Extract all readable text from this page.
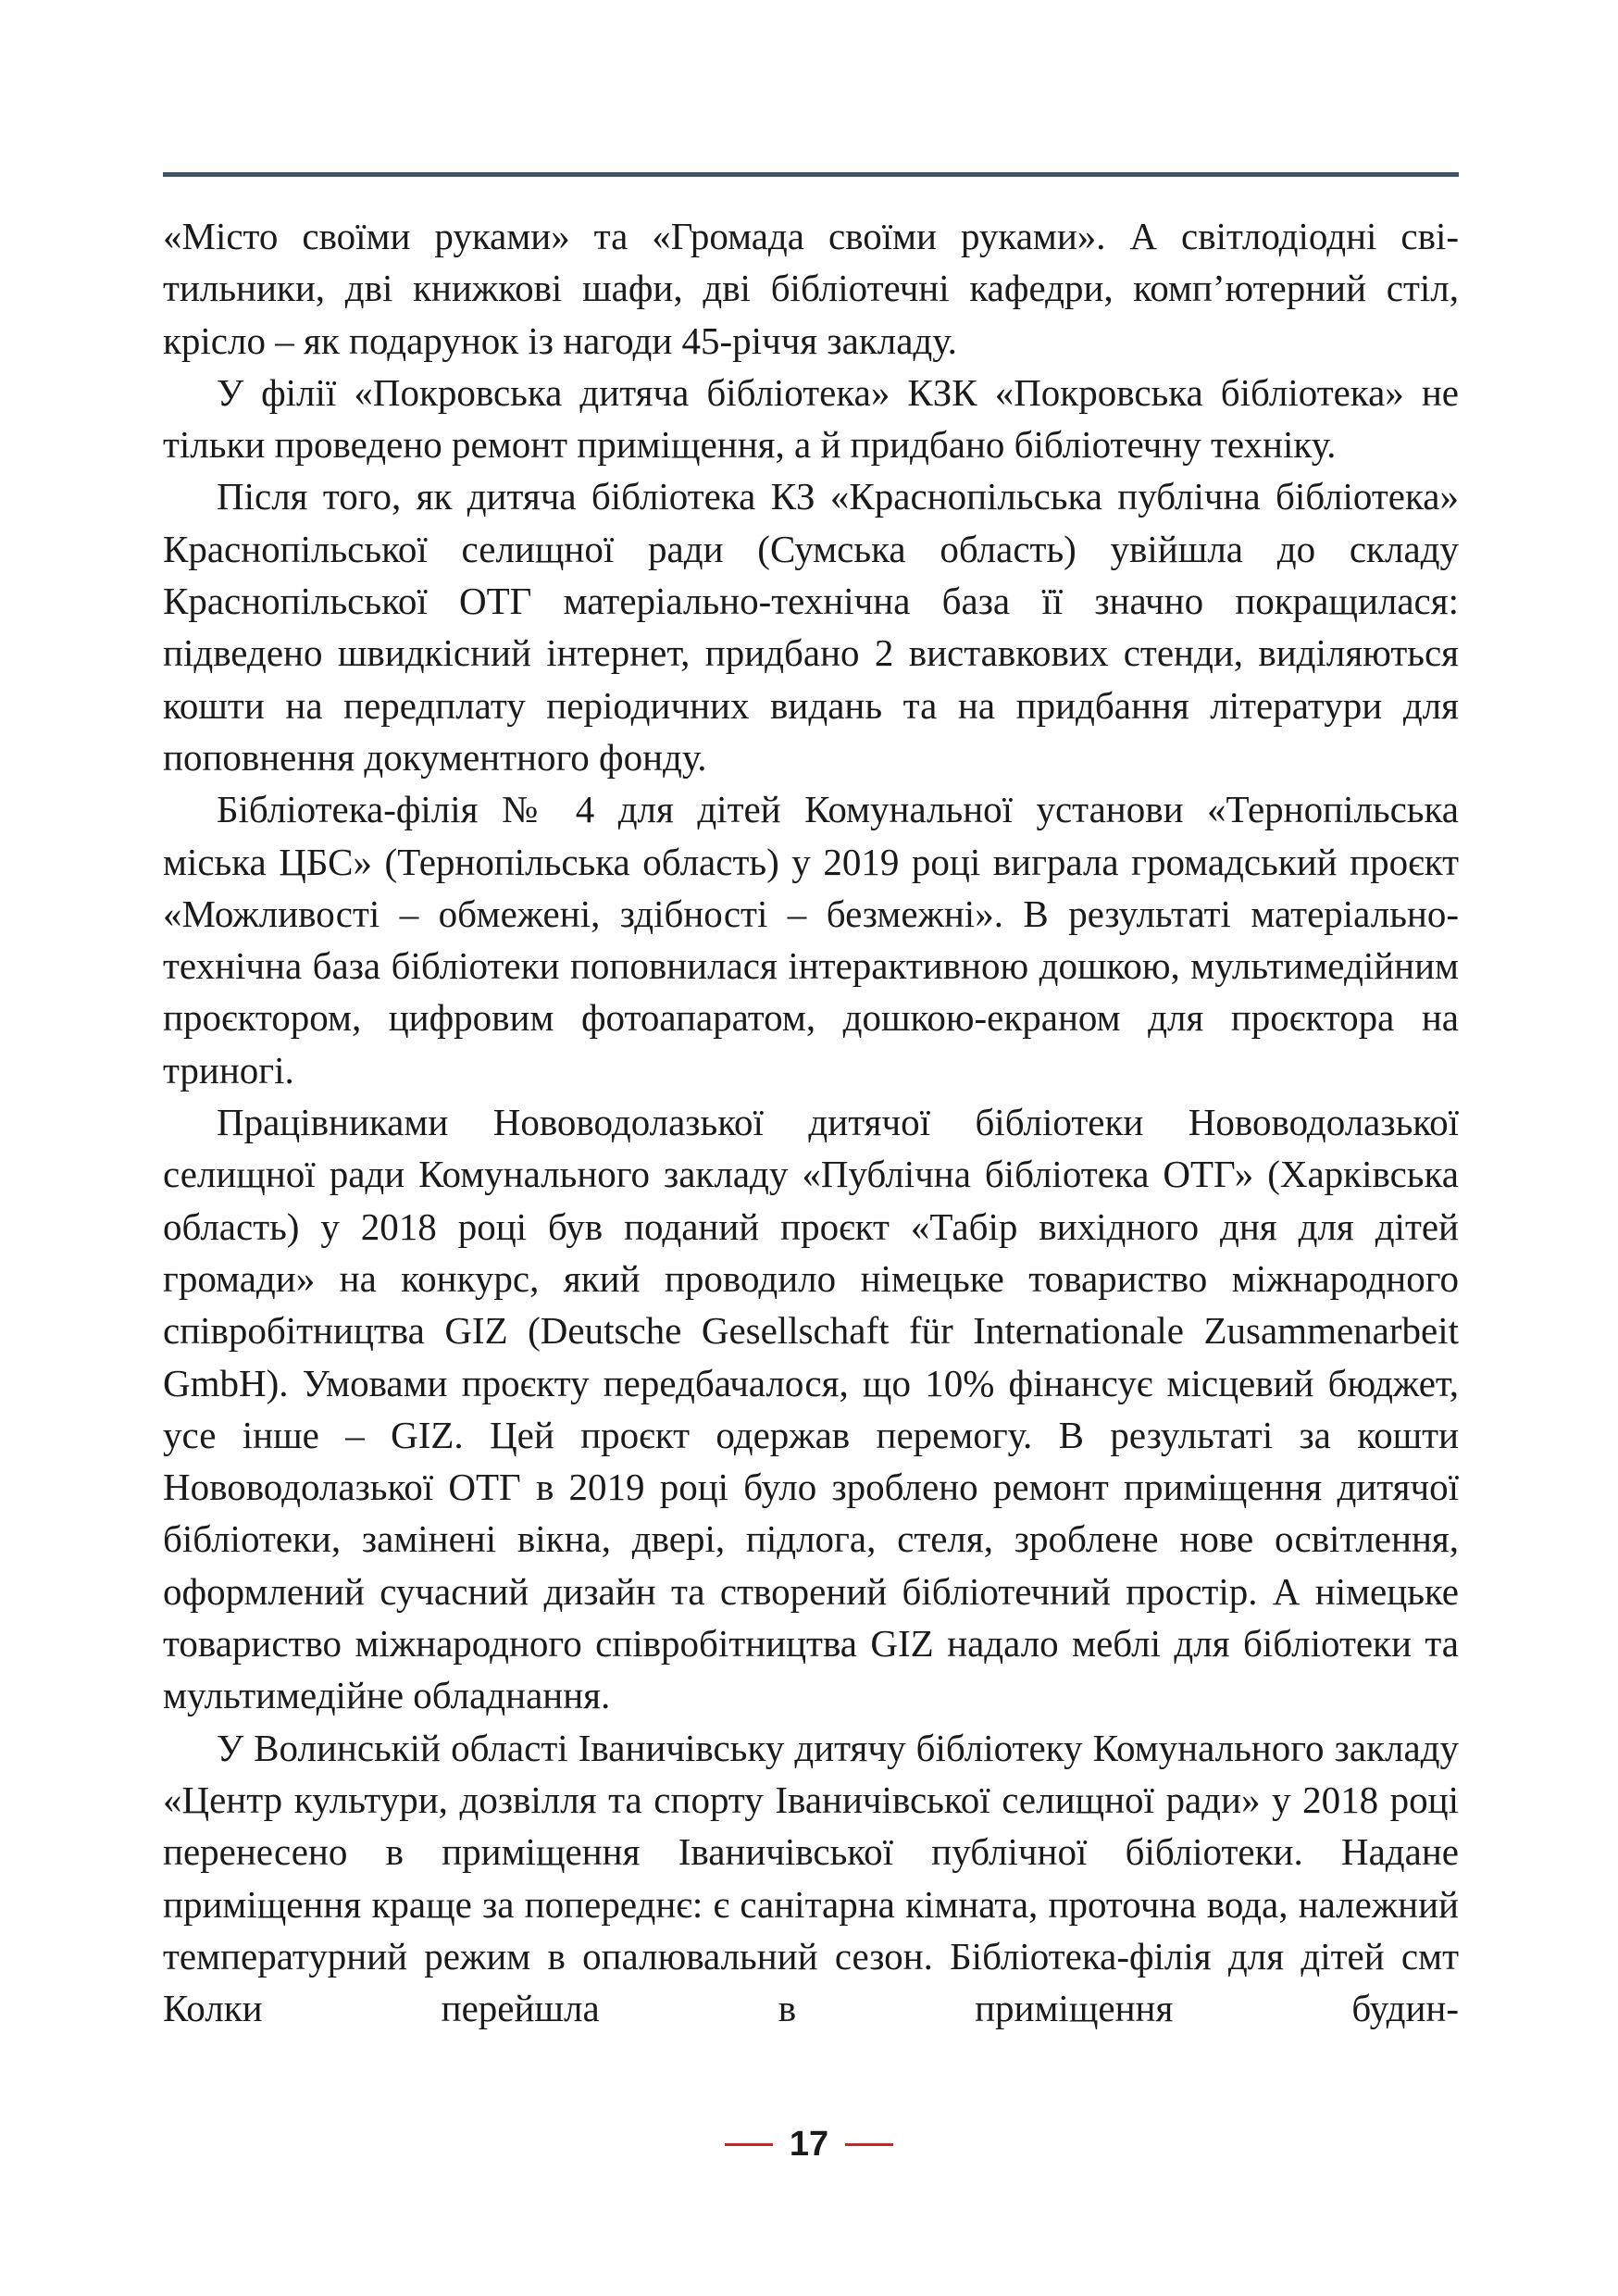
«Місто своїми руками» та «Громада своїми руками». А світлодіодні світильники, дві книжкові шафи, дві бібліотечні кафедри, комп’ютерний стіл, крісло – як подарунок із нагоди 45-річчя закладу.

У філії «Покровська дитяча бібліотека» КЗК «Покровська бібліотека» не тільки проведено ремонт приміщення, а й придбано бібліотечну техніку.

Після того, як дитяча бібліотека КЗ «Краснопільська публічна бібліотека» Краснопільської селищної ради (Сумська область) увійшла до складу Краснопільської ОТГ матеріально-технічна база її значно покращилася: підведено швидкісний інтернет, придбано 2 виставкових стенди, виділяються кошти на передплату періодичних видань та на придбання літератури для поповнення документного фонду.

Бібліотека-філія № 4 для дітей Комунальної установи «Тернопільська міська ЦБС» (Тернопільська область) у 2019 році виграла громадський проєкт «Можливості – обмежені, здібності – безмежні». В результаті матеріально-технічна база бібліотеки поповнилася інтерактивною дошкою, мультимедійним проєктором, цифровим фотоапаратом, дошкою-екраном для проєктора на триногі.

Працівниками Нововодолазької дитячої бібліотеки Нововодолазької селищної ради Комунального закладу «Публічна бібліотека ОТГ» (Харківська область) у 2018 році був поданий проєкт «Табір вихідного дня для дітей громади» на конкурс, який проводило німецьке товариство міжнародного співробітництва GIZ (Deutsche Gesellschaft für Internationale Zusammenarbeit GmbH). Умовами проєкту передбачалося, що 10% фінансує місцевий бюджет, усе інше – GIZ. Цей проєкт одержав перемогу. В результаті за кошти Нововодолазької ОТГ в 2019 році було зроблено ремонт приміщення дитячої бібліотеки, замінені вікна, двері, підлога, стеля, зроблене нове освітлення, оформлений сучасний дизайн та створений бібліотечний простір. А німецьке товариство міжнародного співробітництва GIZ надало меблі для бібліотеки та мультимедійне обладнання.

У Волинській області Іваничівську дитячу бібліотеку Комунального закладу «Центр культури, дозвілля та спорту Іваничівської селищної ради» у 2018 році перенесено в приміщення Іваничівської публічної бібліотеки. Надане приміщення краще за попереднє: є санітарна кімната, проточна вода, належний температурний режим в опалювальний сезон. Бібліотека-філія для дітей смт Колки перейшла в приміщення будин-

17
